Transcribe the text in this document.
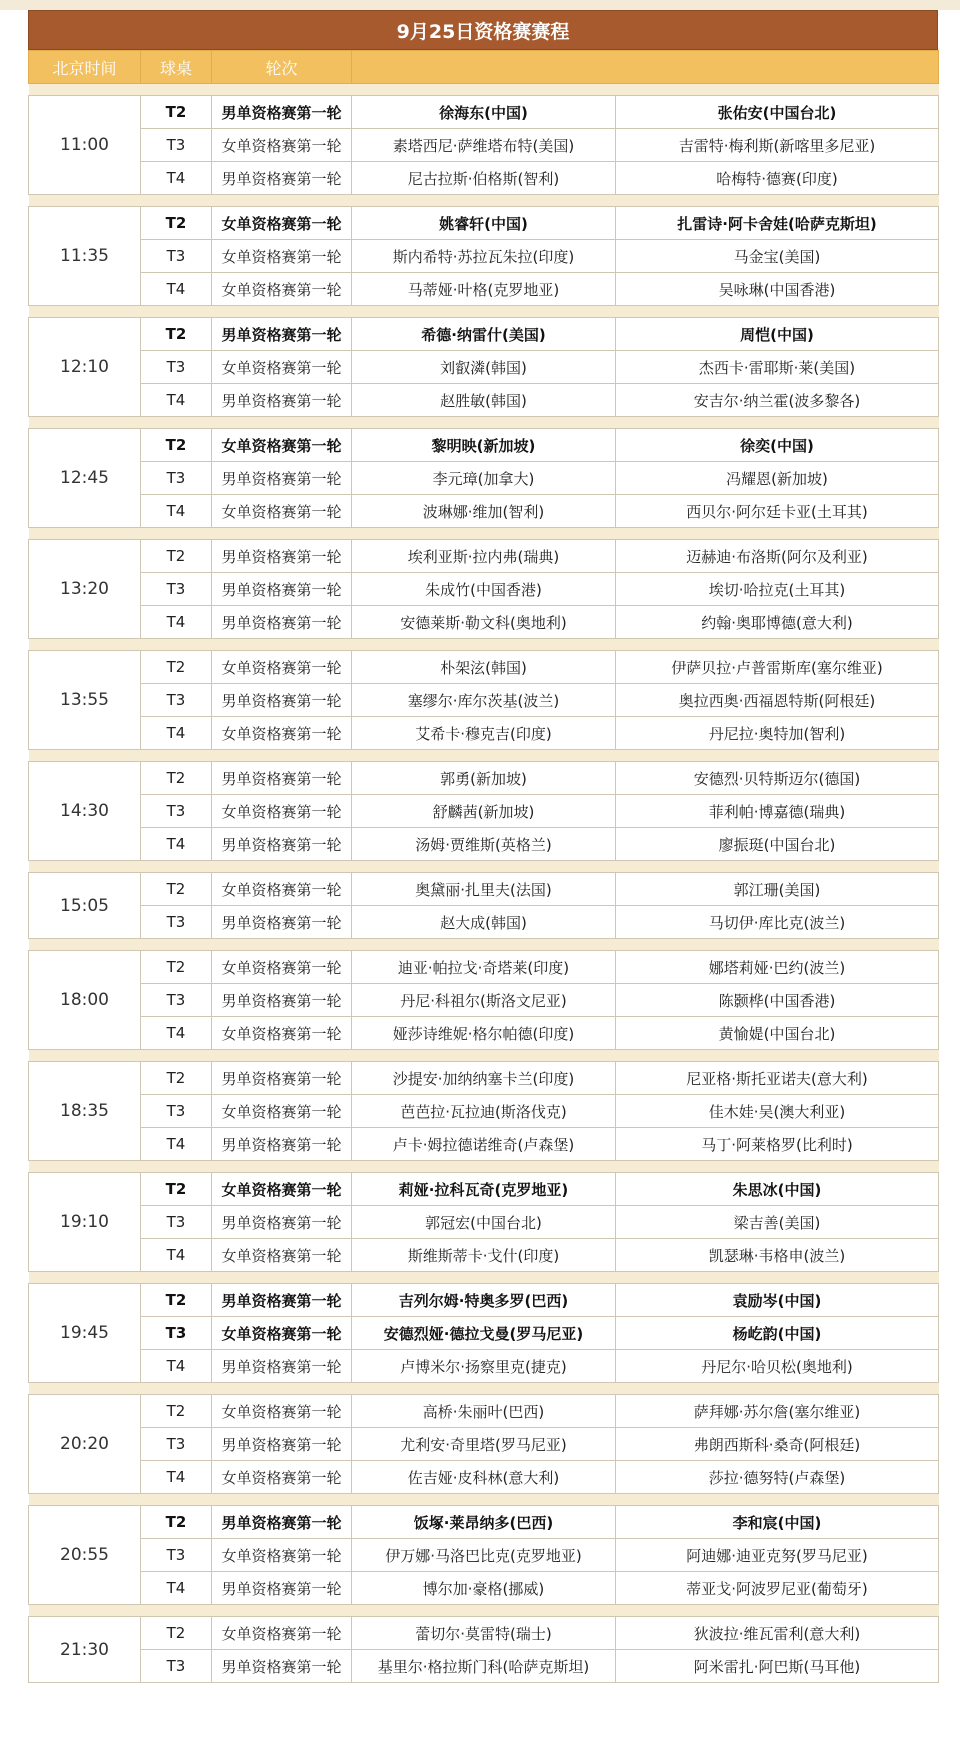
9月25日资格赛赛程
北京时间	球桌	轮次		

11:00	T2	男单资格赛第一轮	徐海东(中国)	张佑安(中国台北)
	T3	女单资格赛第一轮	素塔西尼·萨维塔布特(美国)	吉雷特·梅利斯(新喀里多尼亚)
	T4	男单资格赛第一轮	尼古拉斯·伯格斯(智利)	哈梅特·德赛(印度)

11:35	T2	女单资格赛第一轮	姚睿轩(中国)	扎雷诗·阿卡舍娃(哈萨克斯坦)
	T3	女单资格赛第一轮	斯内希特·苏拉瓦朱拉(印度)	马金宝(美国)
	T4	女单资格赛第一轮	马蒂娅·叶格(克罗地亚)	吴咏琳(中国香港)

12:10	T2	男单资格赛第一轮	希德·纳雷什(美国)	周恺(中国)
	T3	女单资格赛第一轮	刘叡潾(韩国)	杰西卡·雷耶斯·莱(美国)
	T4	男单资格赛第一轮	赵胜敏(韩国)	安吉尔·纳兰霍(波多黎各)

12:45	T2	女单资格赛第一轮	黎明映(新加坡)	徐奕(中国)
	T3	男单资格赛第一轮	李元璋(加拿大)	冯耀恩(新加坡)
	T4	女单资格赛第一轮	波琳娜·维加(智利)	西贝尔·阿尔廷卡亚(土耳其)

13:20	T2	男单资格赛第一轮	埃利亚斯·拉内弗(瑞典)	迈赫迪·布洛斯(阿尔及利亚)
	T3	男单资格赛第一轮	朱成竹(中国香港)	埃切·哈拉克(土耳其)
	T4	男单资格赛第一轮	安德莱斯·勒文科(奥地利)	约翰·奥耶博德(意大利)

13:55	T2	女单资格赛第一轮	朴架泫(韩国)	伊萨贝拉·卢普雷斯库(塞尔维亚)
	T3	男单资格赛第一轮	塞缪尔·库尔茨基(波兰)	奥拉西奥·西福恩特斯(阿根廷)
	T4	女单资格赛第一轮	艾希卡·穆克吉(印度)	丹尼拉·奥特加(智利)

14:30	T2	男单资格赛第一轮	郭勇(新加坡)	安德烈·贝特斯迈尔(德国)
	T3	女单资格赛第一轮	舒麟茜(新加坡)	菲利帕·博嘉德(瑞典)
	T4	男单资格赛第一轮	汤姆·贾维斯(英格兰)	廖振珽(中国台北)

15:05	T2	女单资格赛第一轮	奥黛丽·扎里夫(法国)	郭江珊(美国)
	T3	男单资格赛第一轮	赵大成(韩国)	马切伊·库比克(波兰)

18:00	T2	女单资格赛第一轮	迪亚·帕拉戈·奇塔莱(印度)	娜塔莉娅·巴约(波兰)
	T3	男单资格赛第一轮	丹尼·科祖尔(斯洛文尼亚)	陈颢桦(中国香港)
	T4	女单资格赛第一轮	娅莎诗维妮·格尔帕德(印度)	黄愉媞(中国台北)

18:35	T2	男单资格赛第一轮	沙提安·加纳纳塞卡兰(印度)	尼亚格·斯托亚诺夫(意大利)
	T3	女单资格赛第一轮	芭芭拉·瓦拉迪(斯洛伐克)	佳木娃·吴(澳大利亚)
	T4	男单资格赛第一轮	卢卡·姆拉德诺维奇(卢森堡)	马丁·阿莱格罗(比利时)

19:10	T2	女单资格赛第一轮	莉娅·拉科瓦奇(克罗地亚)	朱思冰(中国)
	T3	男单资格赛第一轮	郭冠宏(中国台北)	梁吉善(美国)
	T4	女单资格赛第一轮	斯维斯蒂卡·戈什(印度)	凯瑟琳·韦格申(波兰)

19:45	T2	男单资格赛第一轮	吉列尔姆·特奥多罗(巴西)	袁励岑(中国)
	T3	女单资格赛第一轮	安德烈娅·德拉戈曼(罗马尼亚)	杨屹韵(中国)
	T4	男单资格赛第一轮	卢博米尔·扬察里克(捷克)	丹尼尔·哈贝松(奥地利)

20:20	T2	女单资格赛第一轮	高桥·朱丽叶(巴西)	萨拜娜·苏尔詹(塞尔维亚)
	T3	男单资格赛第一轮	尤利安·奇里塔(罗马尼亚)	弗朗西斯科·桑奇(阿根廷)
	T4	女单资格赛第一轮	佐吉娅·皮科林(意大利)	莎拉·德努特(卢森堡)

20:55	T2	男单资格赛第一轮	饭塚·莱昂纳多(巴西)	李和宸(中国)
	T3	女单资格赛第一轮	伊万娜·马洛巴比克(克罗地亚)	阿迪娜·迪亚克努(罗马尼亚)
	T4	男单资格赛第一轮	博尔加·豪格(挪威)	蒂亚戈·阿波罗尼亚(葡萄牙)

21:30	T2	女单资格赛第一轮	蕾切尔·莫雷特(瑞士)	狄波拉·维瓦雷利(意大利)
	T3	男单资格赛第一轮	基里尔·格拉斯门科(哈萨克斯坦)	阿米雷扎·阿巴斯(马耳他)
